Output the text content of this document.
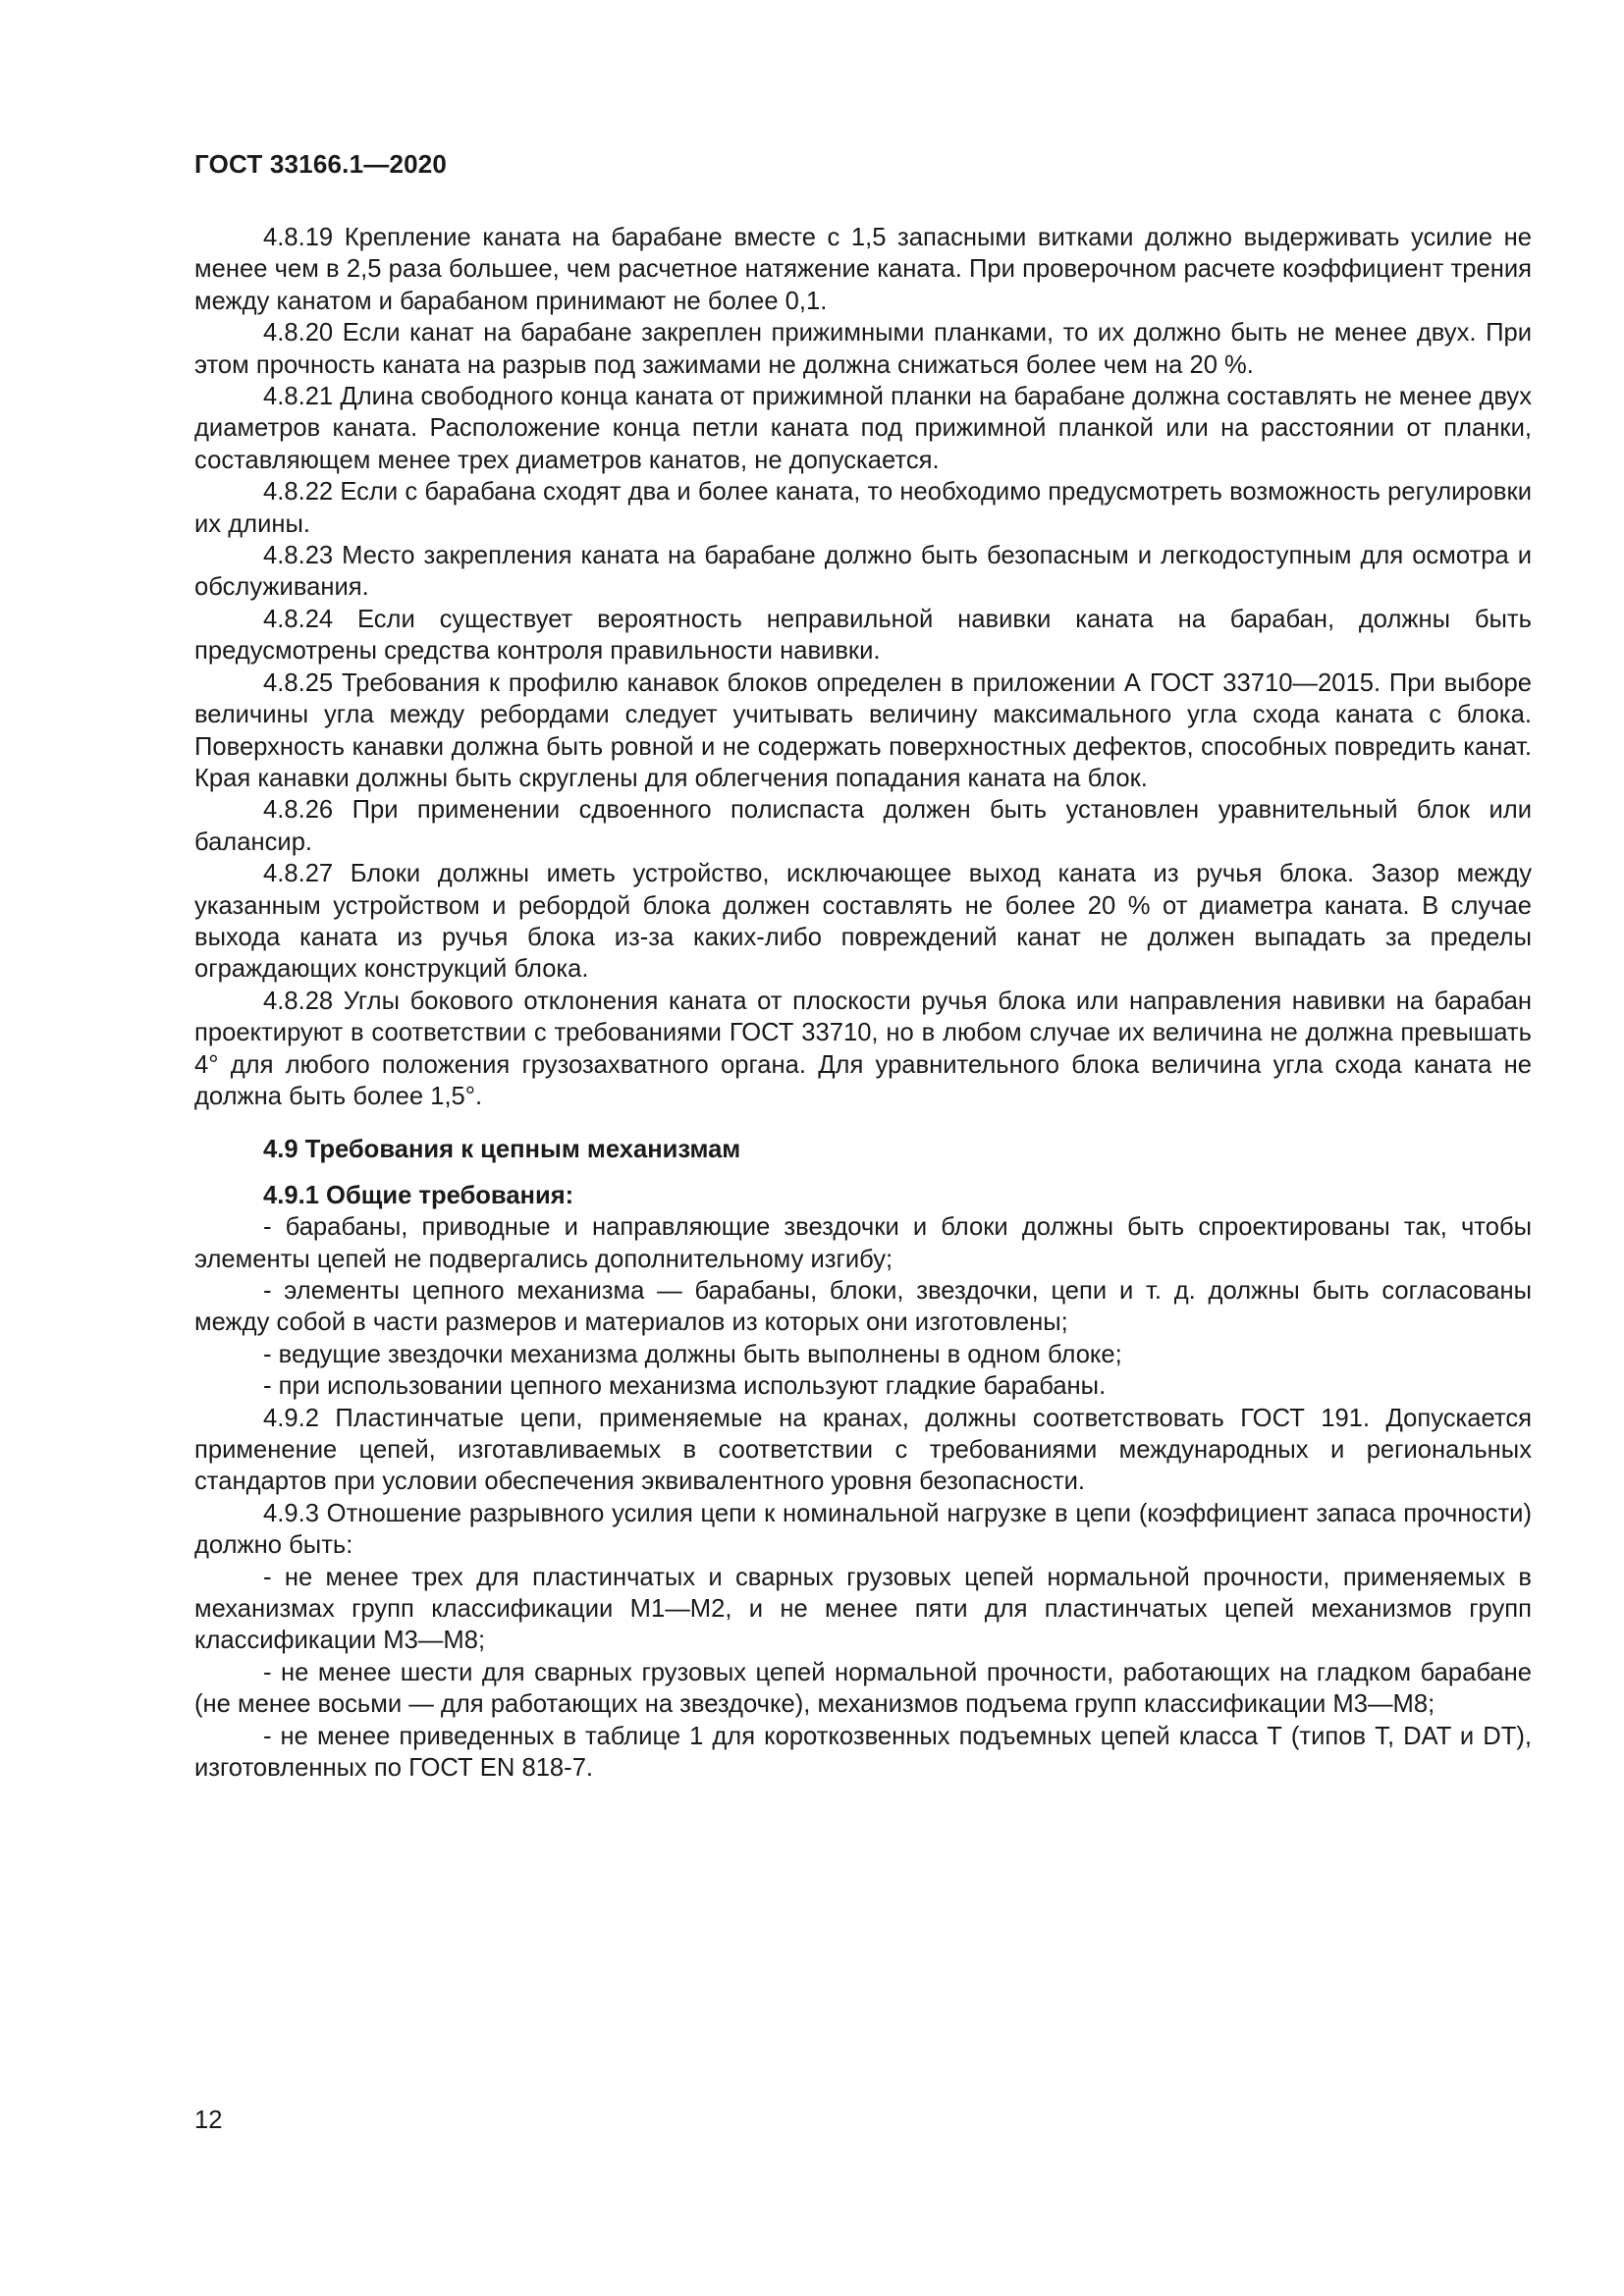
ГОСТ 33166.1—2020

4.8.19 Крепление каната на барабане вместе с 1,5 запасными витками должно выдерживать усилие не менее чем в 2,5 раза большее, чем расчетное натяжение каната. При проверочном расчете коэффициент трения между канатом и барабаном принимают не более 0,1.

4.8.20 Если канат на барабане закреплен прижимными планками, то их должно быть не менее двух. При этом прочность каната на разрыв под зажимами не должна снижаться более чем на 20 %.

4.8.21 Длина свободного конца каната от прижимной планки на барабане должна составлять не менее двух диаметров каната. Расположение конца петли каната под прижимной планкой или на расстоянии от планки, составляющем менее трех диаметров канатов, не допускается.

4.8.22 Если с барабана сходят два и более каната, то необходимо предусмотреть возможность регулировки их длины.

4.8.23 Место закрепления каната на барабане должно быть безопасным и легкодоступным для осмотра и обслуживания.

4.8.24 Если существует вероятность неправильной навивки каната на барабан, должны быть предусмотрены средства контроля правильности навивки.

4.8.25 Требования к профилю канавок блоков определен в приложении А ГОСТ 33710—2015. При выборе величины угла между ребордами следует учитывать величину максимального угла схода каната с блока. Поверхность канавки должна быть ровной и не содержать поверхностных дефектов, способных повредить канат. Края канавки должны быть скруглены для облегчения попадания каната на блок.

4.8.26 При применении сдвоенного полиспаста должен быть установлен уравнительный блок или балансир.

4.8.27 Блоки должны иметь устройство, исключающее выход каната из ручья блока. Зазор между указанным устройством и ребордой блока должен составлять не более 20 % от диаметра каната. В случае выхода каната из ручья блока из-за каких-либо повреждений канат не должен выпадать за пределы ограждающих конструкций блока.

4.8.28 Углы бокового отклонения каната от плоскости ручья блока или направления навивки на барабан проектируют в соответствии с требованиями ГОСТ 33710, но в любом случае их величина не должна превышать 4° для любого положения грузозахватного органа. Для уравнительного блока величина угла схода каната не должна быть более 1,5°.

4.9 Требования к цепным механизмам
4.9.1 Общие требования:

- барабаны, приводные и направляющие звездочки и блоки должны быть спроектированы так, чтобы элементы цепей не подвергались дополнительному изгибу;

- элементы цепного механизма — барабаны, блоки, звездочки, цепи и т. д. должны быть согласованы между собой в части размеров и материалов из которых они изготовлены;

- ведущие звездочки механизма должны быть выполнены в одном блоке;

- при использовании цепного механизма используют гладкие барабаны.

4.9.2 Пластинчатые цепи, применяемые на кранах, должны соответствовать ГОСТ 191. Допускается применение цепей, изготавливаемых в соответствии с требованиями международных и региональных стандартов при условии обеспечения эквивалентного уровня безопасности.

4.9.3 Отношение разрывного усилия цепи к номинальной нагрузке в цепи (коэффициент запаса прочности) должно быть:

- не менее трех для пластинчатых и сварных грузовых цепей нормальной прочности, применяемых в механизмах групп классификации М1—М2, и не менее пяти для пластинчатых цепей механизмов групп классификации М3—М8;

- не менее шести для сварных грузовых цепей нормальной прочности, работающих на гладком барабане (не менее восьми — для работающих на звездочке), механизмов подъема групп классификации М3—М8;

- не менее приведенных в таблице 1 для короткозвенных подъемных цепей класса Т (типов Т, DAT и DT), изготовленных по ГОСТ EN 818-7.

12
